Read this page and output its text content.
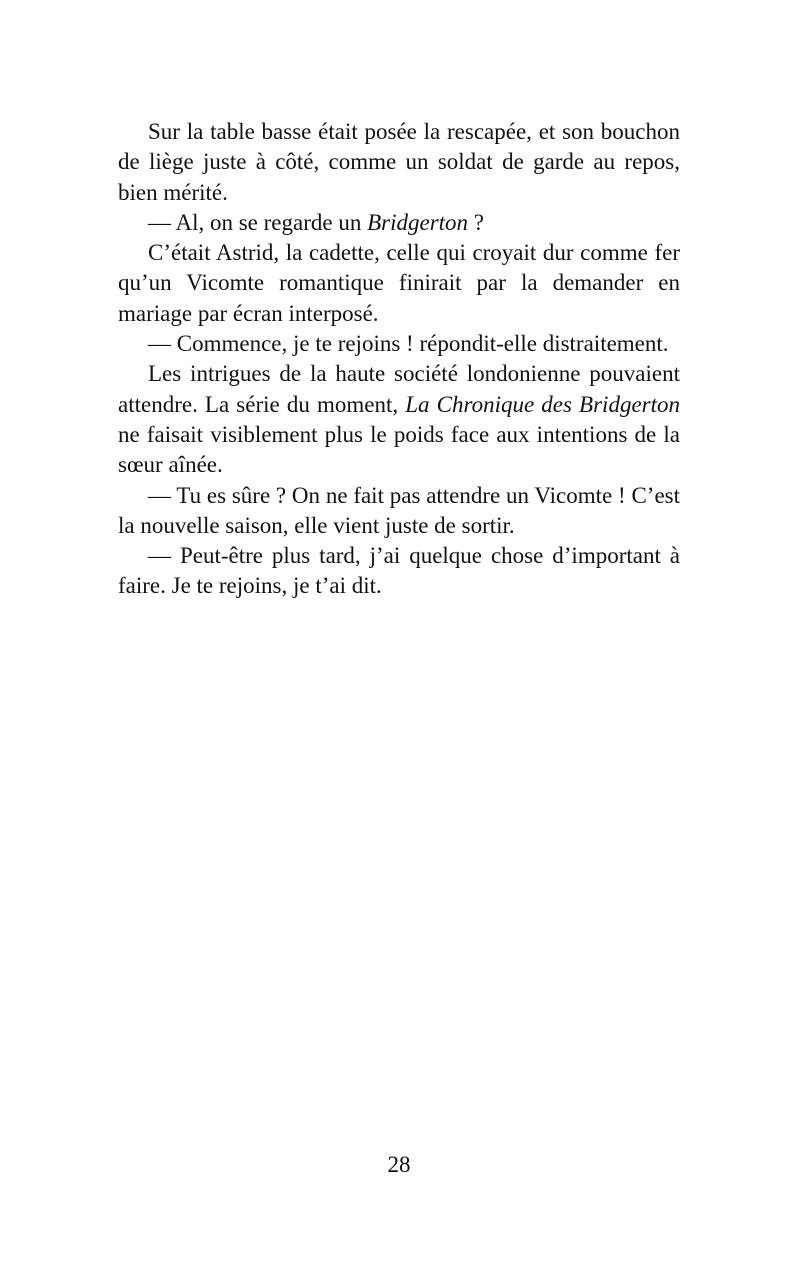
Sur la table basse était posée la rescapée, et son bouchon de liège juste à côté, comme un soldat de garde au repos, bien mérité.

— Al, on se regarde un Bridgerton ?

C’était Astrid, la cadette, celle qui croyait dur comme fer qu’un Vicomte romantique finirait par la demander en mariage par écran interposé.

— Commence, je te rejoins ! répondit-elle distraitement.

Les intrigues de la haute société londonienne pouvaient attendre. La série du moment, La Chronique des Bridgerton ne faisait visiblement plus le poids face aux intentions de la sœur aînée.

— Tu es sûre ? On ne fait pas attendre un Vicomte ! C’est la nouvelle saison, elle vient juste de sortir.

— Peut-être plus tard, j’ai quelque chose d’important à faire. Je te rejoins, je t’ai dit.

28
